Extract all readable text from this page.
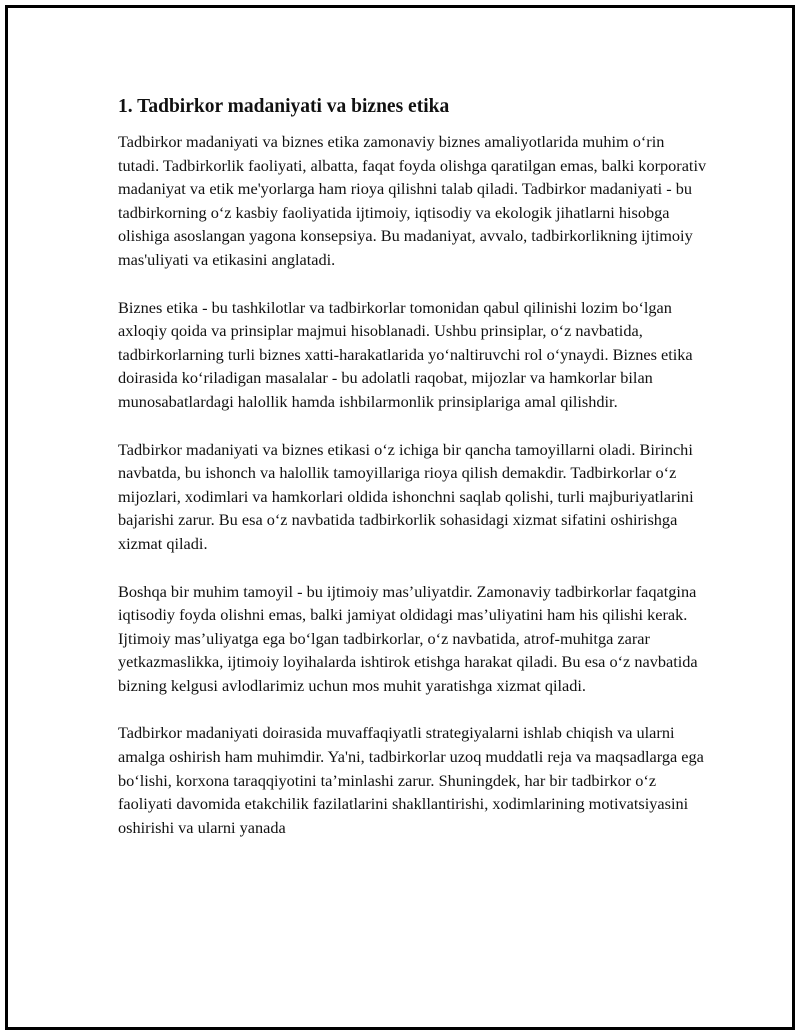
1. Tadbirkor madaniyati va biznes etika

Tadbirkor madaniyati va biznes etika zamonaviy biznes amaliyotlarida muhim o‘rin tutadi. Tadbirkorlik faoliyati, albatta, faqat foyda olishga qaratilgan emas, balki korporativ madaniyat va etik me'yorlarga ham rioya qilishni talab qiladi. Tadbirkor madaniyati - bu tadbirkorning o‘z kasbiy faoliyatida ijtimoiy, iqtisodiy va ekologik jihatlarni hisobga olishiga asoslangan yagona konsepsiya. Bu madaniyat, avvalo, tadbirkorlikning ijtimoiy mas'uliyati va etikasini anglatadi.

Biznes etika - bu tashkilotlar va tadbirkorlar tomonidan qabul qilinishi lozim bo‘lgan axloqiy qoida va prinsiplar majmui hisoblanadi. Ushbu prinsiplar, o‘z navbatida, tadbirkorlarning turli biznes xatti-harakatlarida yo‘naltiruvchi rol o‘ynaydi. Biznes etika doirasida ko‘riladigan masalalar - bu adolatli raqobat, mijozlar va hamkorlar bilan munosabatlardagi halollik hamda ishbilarmonlik prinsiplariga amal qilishdir.

Tadbirkor madaniyati va biznes etikasi o‘z ichiga bir qancha tamoyillarni oladi. Birinchi navbatda, bu ishonch va halollik tamoyillariga rioya qilish demakdir. Tadbirkorlar o‘z mijozlari, xodimlari va hamkorlari oldida ishonchni saqlab qolishi, turli majburiyatlarini bajarishi zarur. Bu esa o‘z navbatida tadbirkorlik sohasidagi xizmat sifatini oshirishga xizmat qiladi.

Boshqa bir muhim tamoyil - bu ijtimoiy mas’uliyatdir. Zamonaviy tadbirkorlar faqatgina iqtisodiy foyda olishni emas, balki jamiyat oldidagi mas’uliyatini ham his qilishi kerak. Ijtimoiy mas’uliyatga ega bo‘lgan tadbirkorlar, o‘z navbatida, atrof-muhitga zarar yetkazmaslikka, ijtimoiy loyihalarda ishtirok etishga harakat qiladi. Bu esa o‘z navbatida bizning kelgusi avlodlarimiz uchun mos muhit yaratishga xizmat qiladi.

Tadbirkor madaniyati doirasida muvaffaqiyatli strategiyalarni ishlab chiqish va ularni amalga oshirish ham muhimdir. Ya'ni, tadbirkorlar uzoq muddatli reja va maqsadlarga ega bo‘lishi, korxona taraqqiyotini ta’minlashi zarur. Shuningdek, har bir tadbirkor o‘z faoliyati davomida etakchilik fazilatlarini shakllantirishi, xodimlarining motivatsiyasini oshirishi va ularni yanada
